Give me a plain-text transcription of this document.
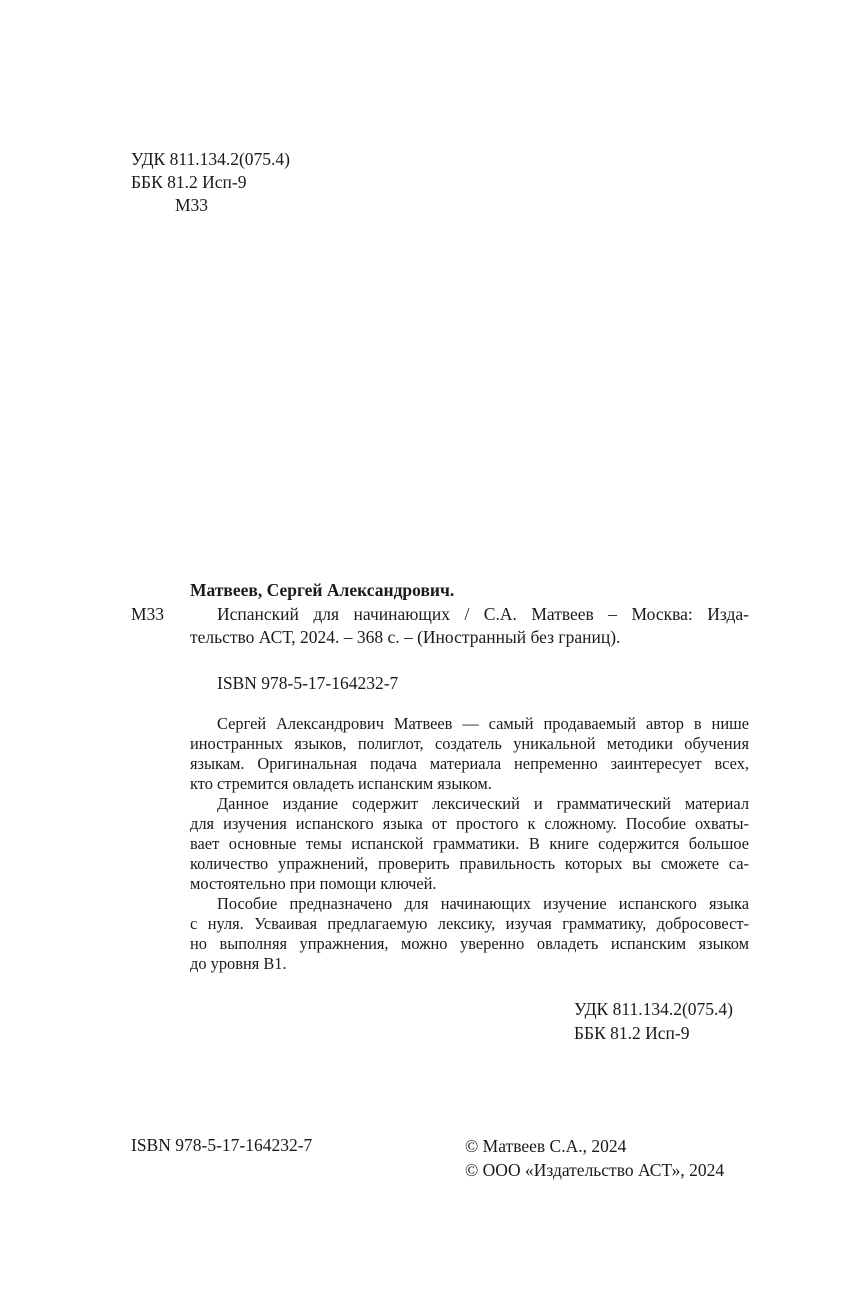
УДК 811.134.2(075.4)
ББК 81.2 Исп-9
М33
Матвеев, Сергей Александрович.
М33	Испанский для начинающих / С.А. Матвеев – Москва: Изда-
тельство АСТ, 2024. – 368 с. – (Иностранный без границ).
ISBN 978-5-17-164232-7
Сергей Александрович Матвеев — самый продаваемый автор в нише
иностранных языков, полиглот, создатель уникальной методики обучения
языкам. Оригинальная подача материала непременно заинтересует всех,
кто стремится овладеть испанским языком.
Данное издание содержит лексический и грамматический материал
для изучения испанского языка от простого к сложному. Пособие охваты-
вает основные темы испанской грамматики. В книге содержится большое
количество упражнений, проверить правильность которых вы сможете са-
мостоятельно при помощи ключей.
Пособие предназначено для начинающих изучение испанского языка
с нуля. Усваивая предлагаемую лексику, изучая грамматику, добросовест-
но выполняя упражнения, можно уверенно овладеть испанским языком
до уровня B1.
УДК 811.134.2(075.4)
ББК 81.2 Исп-9
ISBN 978-5-17-164232-7	© Матвеев С.А., 2024
© ООО «Издательство АСТ», 2024
